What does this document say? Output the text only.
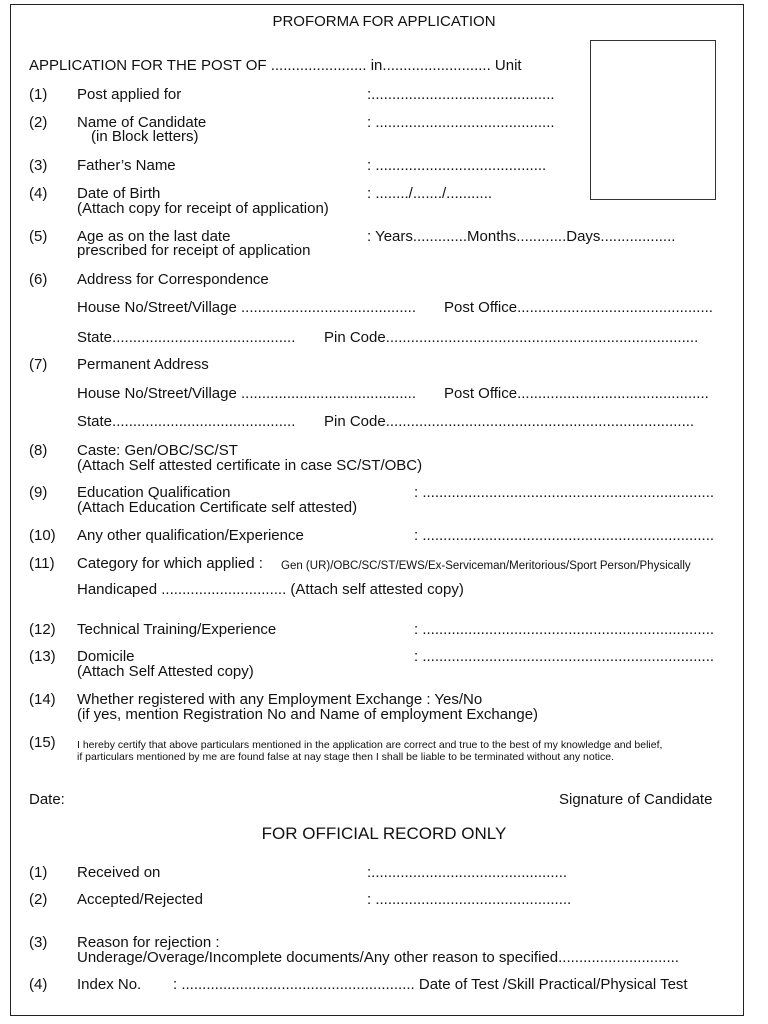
PROFORMA FOR APPLICATION
APPLICATION FOR THE POST OF ....................... in.......................... Unit
(1) Post applied for	:............................................
(2) Name of Candidate
(in Block letters)
: ...........................................
(3) Father’s Name	: .........................................
(4) Date of Birth
(Attach copy for receipt of application)
: ......../......./...........
(5) Age as on the last date
prescribed for receipt of application
: Years.............Months............Days..................
(6) Address for Correspondence
House No/Street/Village .......................................... Post Office...............................................
State............................................ Pin Code...........................................................................
(7) Permanent Address
House No/Street/Village .......................................... Post Office..............................................
State............................................ Pin Code..........................................................................
(8) Caste: Gen/OBC/SC/ST
(Attach Self attested certificate in case SC/ST/OBC)
(9) Education Qualification
(Attach Education Certificate self attested)
: ......................................................................
(10) Any other qualification/Experience	: ......................................................................
(11) Category for which applied : Gen (UR)/OBC/SC/ST/EWS/Ex-Serviceman/Meritorious/Sport Person/Physically
Handicaped .............................. (Attach self attested copy)
(12) Technical Training/Experience	: ......................................................................
(13) Domicile
(Attach Self Attested copy)
: ......................................................................
(14) Whether registered with any Employment Exchange : Yes/No
(if yes, mention Registration No and Name of employment Exchange)
(15) I hereby certify that above particulars mentioned in the application are correct and true to the best of my knowledge and belief,
if particulars mentioned by me are found false at nay stage then I shall be liable to be terminated without any notice.
Date:	Signature of Candidate
FOR OFFICIAL RECORD ONLY
(1) Received on	:...............................................
(2) Accepted/Rejected	: ...............................................
(3) Reason for rejection :
Underage/Overage/Incomplete documents/Any other reason to specified.............................
(4) Index No. : ........................................................ Date of Test /Skill Practical/Physical Test
